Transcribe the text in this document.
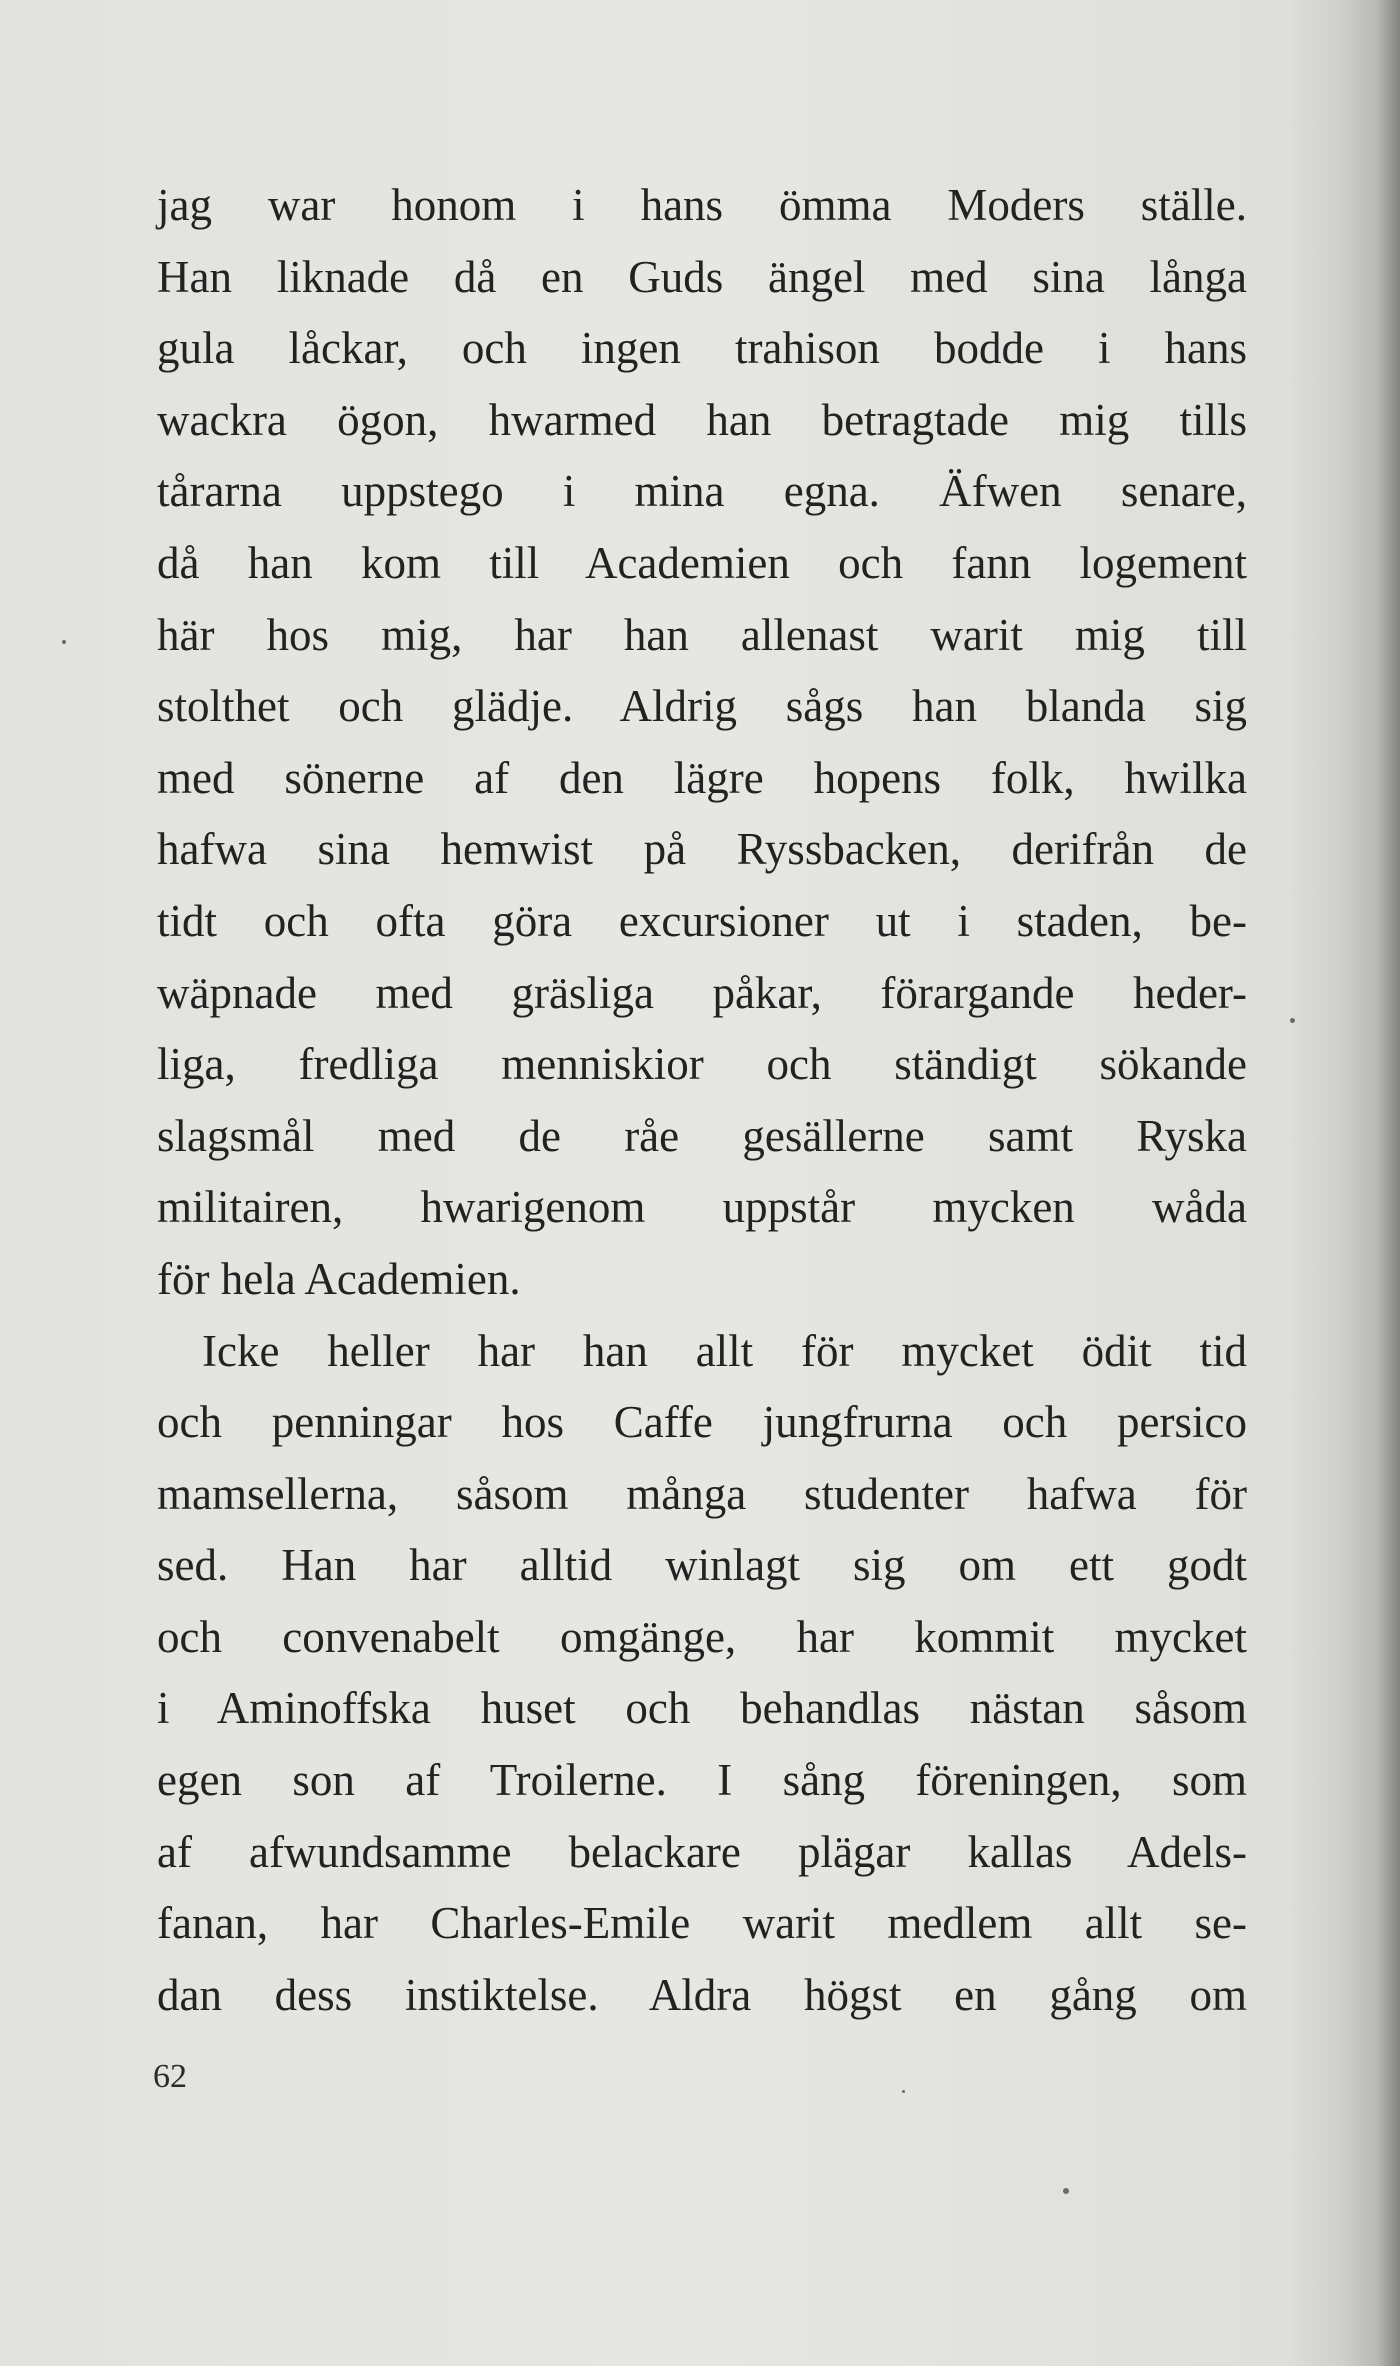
jag war honom i hans ömma Moders ställe.
Han liknade då en Guds ängel med sina långa
gula låckar, och ingen trahison bodde i hans
wackra ögon, hwarmed han betragtade mig tills
tårarna uppstego i mina egna. Äfwen senare,
då han kom till Academien och fann logement
här hos mig, har han allenast warit mig till
stolthet och glädje. Aldrig sågs han blanda sig
med sönerne af den lägre hopens folk, hwilka
hafwa sina hemwist på Ryssbacken, derifrån de
tidt och ofta göra excursioner ut i staden, be-
wäpnade med gräsliga påkar, förargande heder-
liga, fredliga menniskior och ständigt sökande
slagsmål med de råe gesällerne samt Ryska
militairen, hwarigenom uppstår mycken wåda
för hela Academien.
Icke heller har han allt för mycket ödit tid
och penningar hos Caffe jungfrurna och persico
mamsellerna, såsom många studenter hafwa för
sed. Han har alltid winlagt sig om ett godt
och convenabelt omgänge, har kommit mycket
i Aminoffska huset och behandlas nästan såsom
egen son af Troilerne. I sång föreningen, som
af afwundsamme belackare plägar kallas Adels-
fanan, har Charles-Emile warit medlem allt se-
dan dess instiktelse. Aldra högst en gång om
62
